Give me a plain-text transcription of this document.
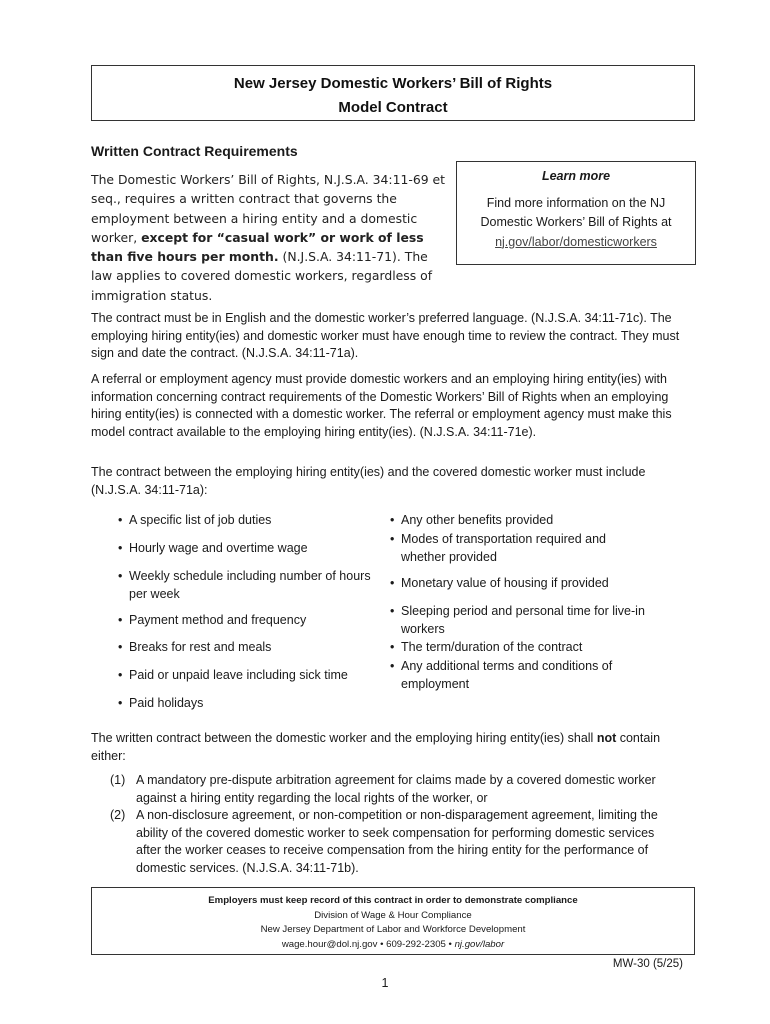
New Jersey Domestic Workers’ Bill of Rights
Model Contract
Written Contract Requirements
The Domestic Workers’ Bill of Rights, N.J.S.A. 34:11-69 et seq., requires a written contract that governs the employment between a hiring entity and a domestic worker, except for “casual work” or work of less than five hours per month. (N.J.S.A. 34:11-71). The law applies to covered domestic workers, regardless of immigration status.
Learn more
Find more information on the NJ
Domestic Workers’ Bill of Rights at
nj.gov/labor/domesticworkers
The contract must be in English and the domestic worker’s preferred language. (N.J.S.A. 34:11-71c). The employing hiring entity(ies) and domestic worker must have enough time to review the contract. They must sign and date the contract. (N.J.S.A. 34:11-71a).
A referral or employment agency must provide domestic workers and an employing hiring entity(ies) with information concerning contract requirements of the Domestic Workers’ Bill of Rights when an employing hiring entity(ies) is connected with a domestic worker. The referral or employment agency must make this model contract available to the employing hiring entity(ies). (N.J.S.A. 34:11-71e).
The contract between the employing hiring entity(ies) and the covered domestic worker must include (N.J.S.A. 34:11-71a):
• A specific list of job duties
• Hourly wage and overtime wage
• Weekly schedule including number of hours per week
• Payment method and frequency
• Breaks for rest and meals
• Paid or unpaid leave including sick time
• Paid holidays
• Any other benefits provided
• Modes of transportation required and whether provided
• Monetary value of housing if provided
• Sleeping period and personal time for live-in workers
• The term/duration of the contract
• Any additional terms and conditions of employment
The written contract between the domestic worker and the employing hiring entity(ies) shall not contain either:
(1) A mandatory pre-dispute arbitration agreement for claims made by a covered domestic worker against a hiring entity regarding the local rights of the worker, or
(2) A non-disclosure agreement, or non-competition or non-disparagement agreement, limiting the ability of the covered domestic worker to seek compensation for performing domestic services after the worker ceases to receive compensation from the hiring entity for the performance of domestic services. (N.J.S.A. 34:11-71b).
Employers must keep record of this contract in order to demonstrate compliance
Division of Wage & Hour Compliance
New Jersey Department of Labor and Workforce Development
wage.hour@dol.nj.gov • 609-292-2305 • nj.gov/labor
MW-30 (5/25)
1
